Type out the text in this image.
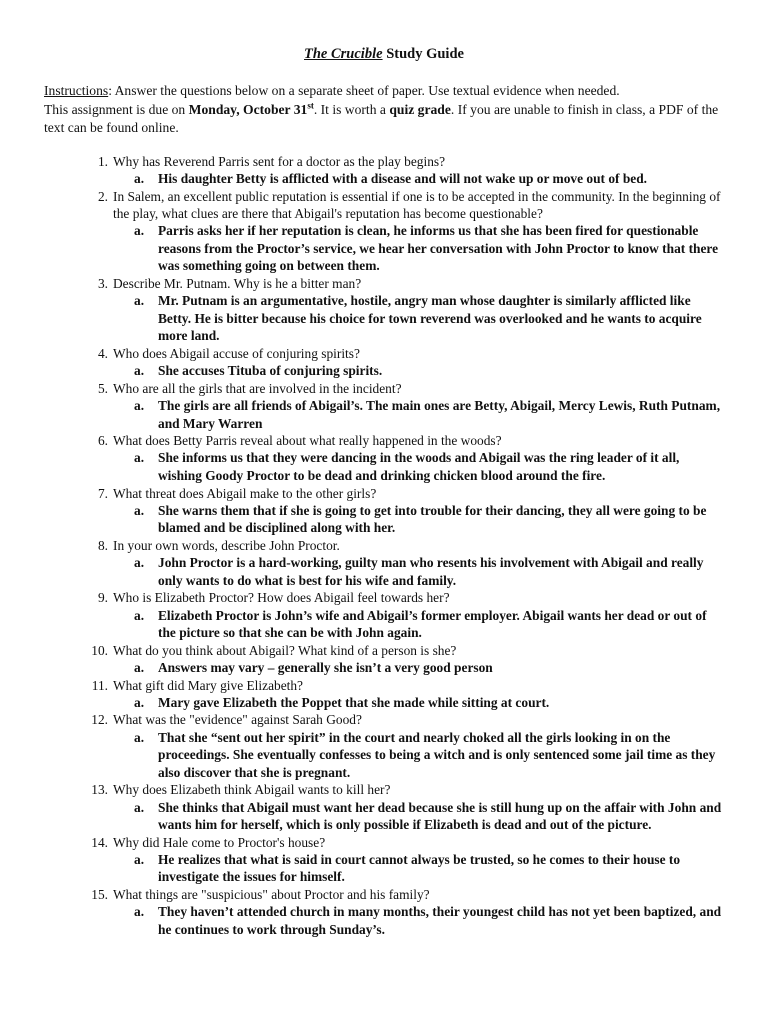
The Crucible Study Guide
Instructions: Answer the questions below on a separate sheet of paper. Use textual evidence when needed.
This assignment is due on Monday, October 31st. It is worth a quiz grade. If you are unable to finish in class, a PDF of the text can be found online.
1. Why has Reverend Parris sent for a doctor as the play begins?
a. His daughter Betty is afflicted with a disease and will not wake up or move out of bed.
2. In Salem, an excellent public reputation is essential if one is to be accepted in the community. In the beginning of the play, what clues are there that Abigail's reputation has become questionable?
a. Parris asks her if her reputation is clean, he informs us that she has been fired for questionable reasons from the Proctor’s service, we hear her conversation with John Proctor to know that there was something going on between them.
3. Describe Mr. Putnam. Why is he a bitter man?
a. Mr. Putnam is an argumentative, hostile, angry man whose daughter is similarly afflicted like Betty. He is bitter because his choice for town reverend was overlooked and he wants to acquire more land.
4. Who does Abigail accuse of conjuring spirits?
a. She accuses Tituba of conjuring spirits.
5. Who are all the girls that are involved in the incident?
a. The girls are all friends of Abigail’s. The main ones are Betty, Abigail, Mercy Lewis, Ruth Putnam, and Mary Warren
6. What does Betty Parris reveal about what really happened in the woods?
a. She informs us that they were dancing in the woods and Abigail was the ring leader of it all, wishing Goody Proctor to be dead and drinking chicken blood around the fire.
7. What threat does Abigail make to the other girls?
a. She warns them that if she is going to get into trouble for their dancing, they all were going to be blamed and be disciplined along with her.
8. In your own words, describe John Proctor.
a. John Proctor is a hard-working, guilty man who resents his involvement with Abigail and really only wants to do what is best for his wife and family.
9. Who is Elizabeth Proctor? How does Abigail feel towards her?
a. Elizabeth Proctor is John’s wife and Abigail’s former employer. Abigail wants her dead or out of the picture so that she can be with John again.
10. What do you think about Abigail? What kind of a person is she?
a. Answers may vary – generally she isn’t a very good person
11. What gift did Mary give Elizabeth?
a. Mary gave Elizabeth the Poppet that she made while sitting at court.
12. What was the "evidence" against Sarah Good?
a. That she “sent out her spirit” in the court and nearly choked all the girls looking in on the proceedings. She eventually confesses to being a witch and is only sentenced some jail time as they also discover that she is pregnant.
13. Why does Elizabeth think Abigail wants to kill her?
a. She thinks that Abigail must want her dead because she is still hung up on the affair with John and wants him for herself, which is only possible if Elizabeth is dead and out of the picture.
14. Why did Hale come to Proctor's house?
a. He realizes that what is said in court cannot always be trusted, so he comes to their house to investigate the issues for himself.
15. What things are "suspicious" about Proctor and his family?
a. They haven’t attended church in many months, their youngest child has not yet been baptized, and he continues to work through Sunday’s.
